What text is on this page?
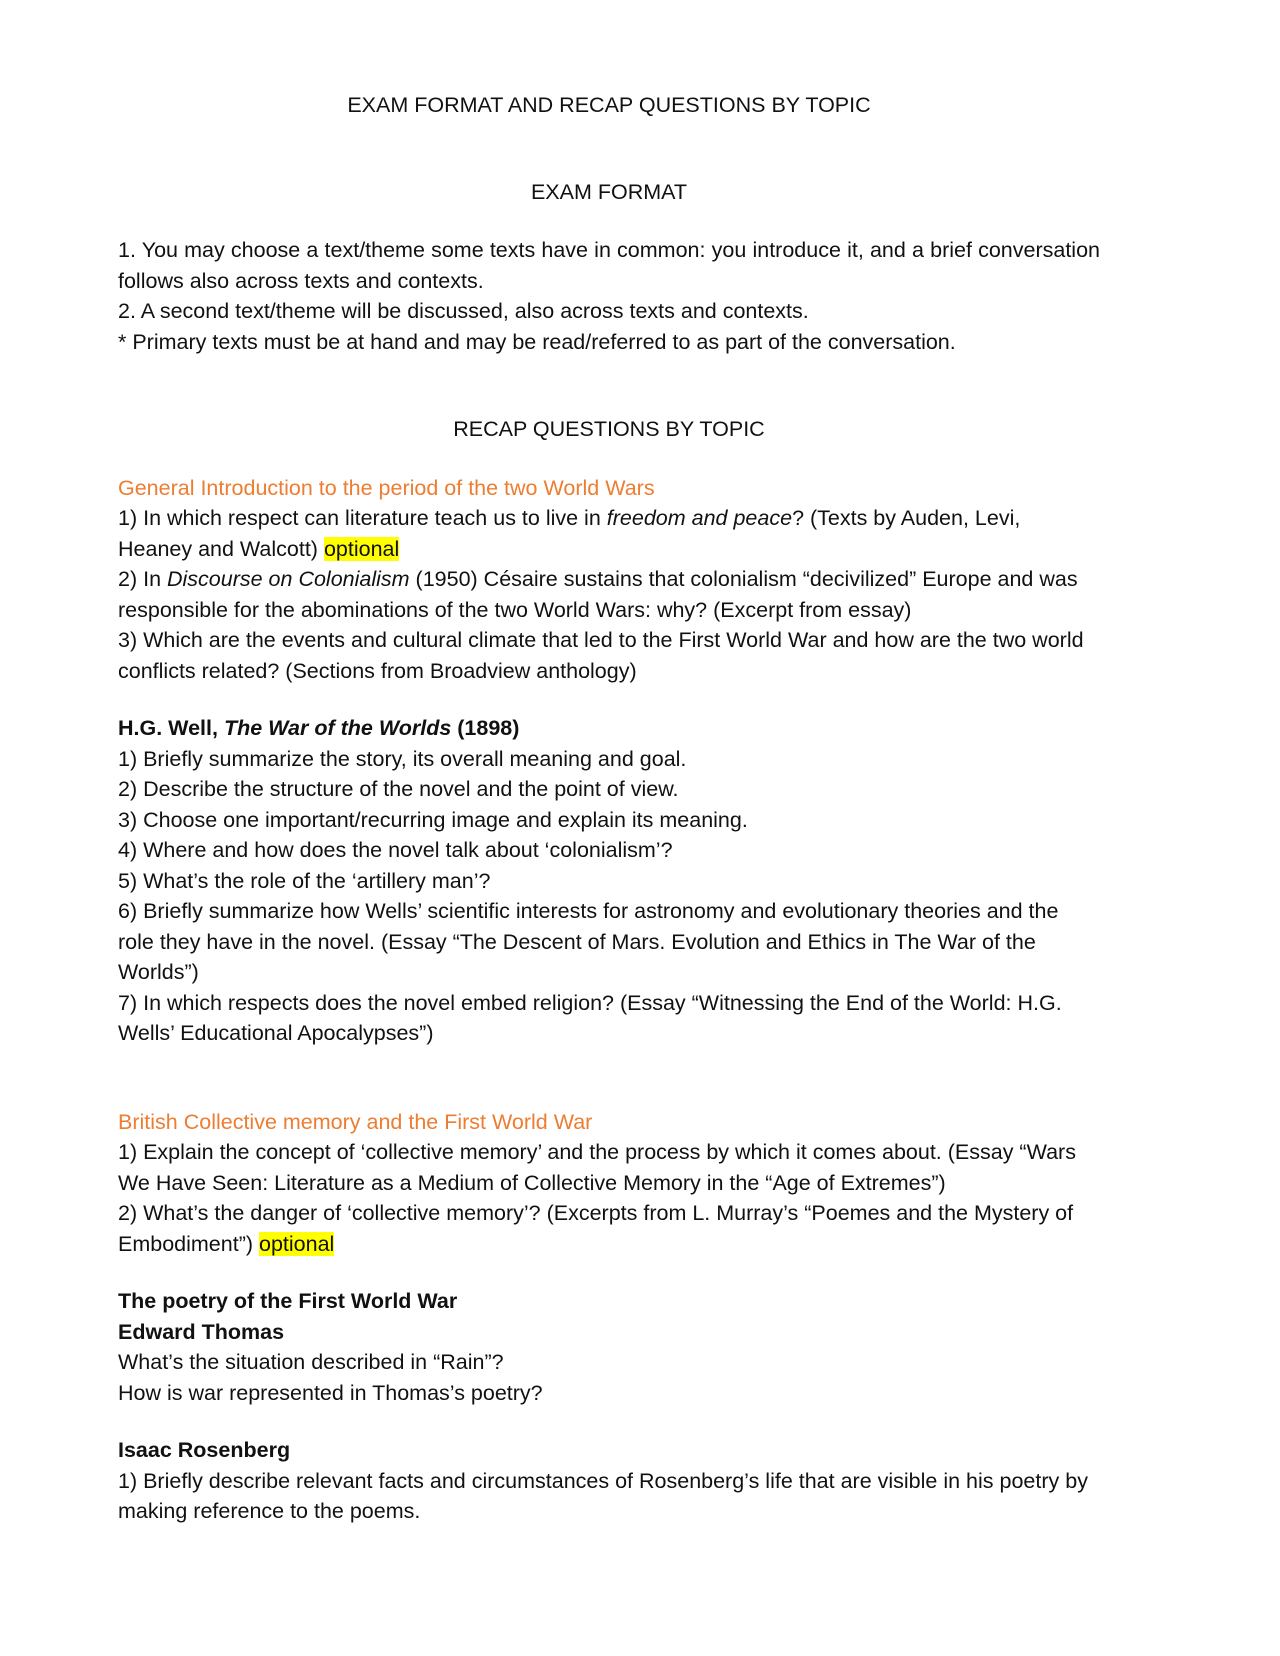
EXAM FORMAT AND RECAP QUESTIONS BY TOPIC

EXAM FORMAT

1. You may choose a text/theme some texts have in common: you introduce it, and a brief conversation follows also across texts and contexts.

2. A second text/theme will be discussed, also across texts and contexts.

* Primary texts must be at hand and may be read/referred to as part of the conversation.

RECAP QUESTIONS BY TOPIC

General Introduction to the period of the two World Wars

1) In which respect can literature teach us to live in freedom and peace? (Texts by Auden, Levi, Heaney and Walcott) optional

2) In Discourse on Colonialism (1950) Césaire sustains that colonialism “decivilized” Europe and was responsible for the abominations of the two World Wars: why? (Excerpt from essay)

3) Which are the events and cultural climate that led to the First World War and how are the two world conflicts related? (Sections from Broadview anthology)

H.G. Well, The War of the Worlds (1898)

1) Briefly summarize the story, its overall meaning and goal.

2) Describe the structure of the novel and the point of view.

3) Choose one important/recurring image and explain its meaning.

4) Where and how does the novel talk about ‘colonialism’?

5) What’s the role of the ‘artillery man’?

6) Briefly summarize how Wells’ scientific interests for astronomy and evolutionary theories and the role they have in the novel. (Essay “The Descent of Mars. Evolution and Ethics in The War of the Worlds”)

7) In which respects does the novel embed religion? (Essay “Witnessing the End of the World: H.G. Wells’ Educational Apocalypses”)

British Collective memory and the First World War

1) Explain the concept of ‘collective memory’ and the process by which it comes about. (Essay “Wars We Have Seen: Literature as a Medium of Collective Memory in the “Age of Extremes”)

2) What’s the danger of ‘collective memory’? (Excerpts from L. Murray’s “Poemes and the Mystery of Embodiment”) optional

The poetry of the First World War

Edward Thomas

What’s the situation described in “Rain”?

How is war represented in Thomas’s poetry?

Isaac Rosenberg

1) Briefly describe relevant facts and circumstances of Rosenberg’s life that are visible in his poetry by making reference to the poems.
